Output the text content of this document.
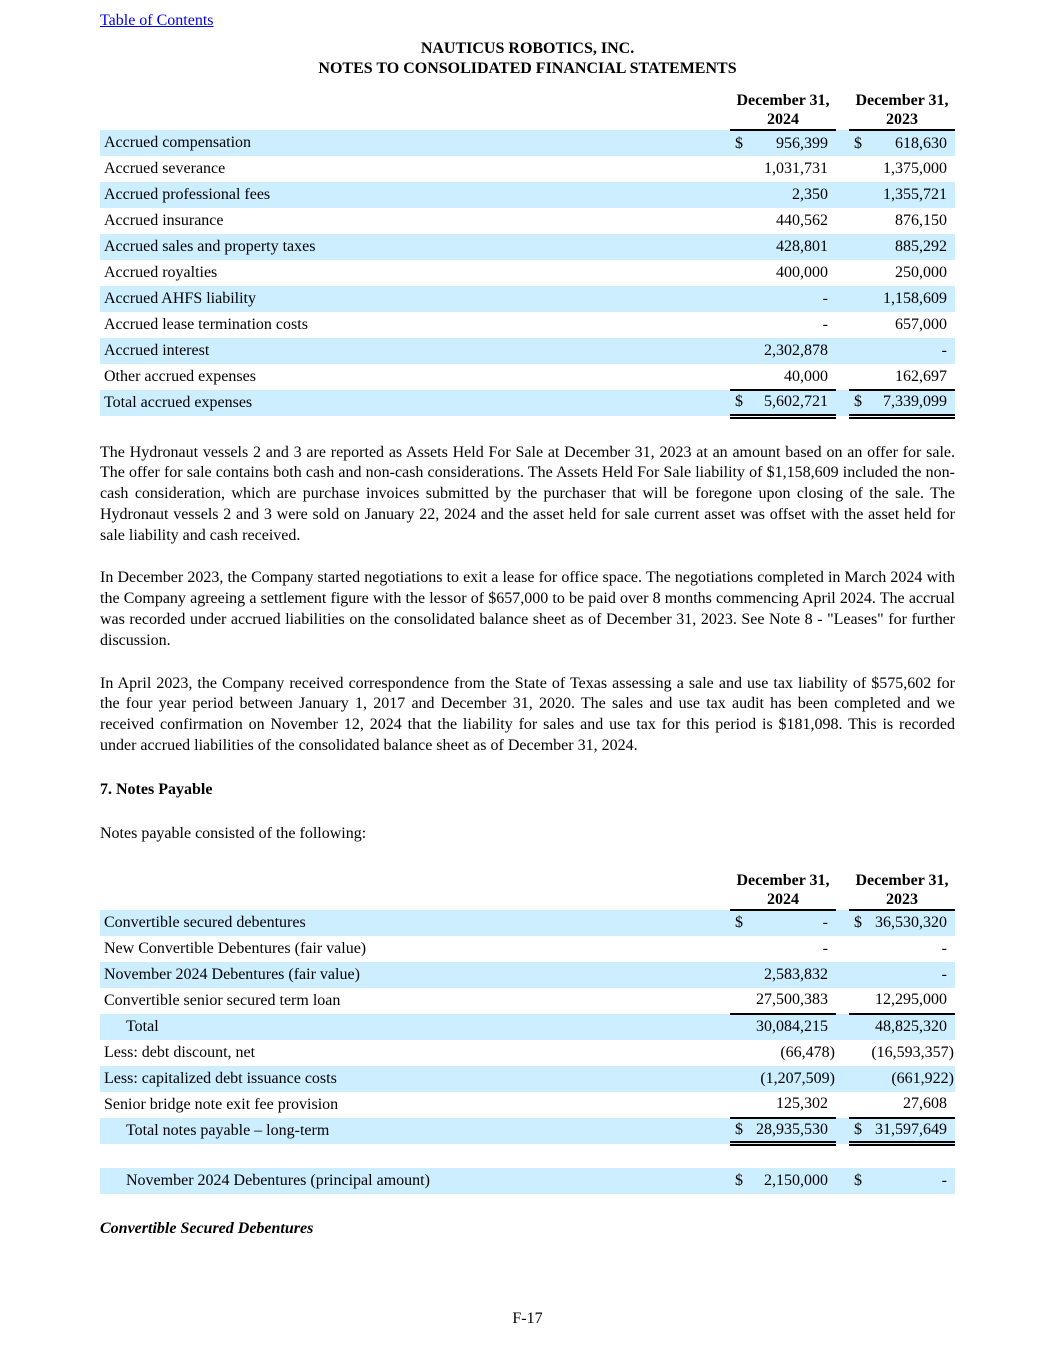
Table of Contents
NAUTICUS ROBOTICS, INC.
NOTES TO CONSOLIDATED FINANCIAL STATEMENTS

December 31,
2024

December 31,
2023

Accrued compensation	$ 956,399		$ 618,630
Accrued severance	1,031,731		1,375,000
Accrued professional fees	2,350		1,355,721
Accrued insurance	440,562		876,150
Accrued sales and property taxes	428,801		885,292
Accrued royalties	400,000		250,000
Accrued AHFS liability	-		1,158,609
Accrued lease termination costs	-		657,000
Accrued interest	2,302,878		-
Other accrued expenses	40,000		162,697
Total accrued expenses	$ 5,602,721		$ 7,339,099

The Hydronaut vessels 2 and 3 are reported as Assets Held For Sale at December 31, 2023 at an amount based on an offer for sale. The offer for sale contains both cash and non-cash considerations. The Assets Held For Sale liability of $1,158,609 included the non-cash consideration, which are purchase invoices submitted by the purchaser that will be foregone upon closing of the sale. The Hydronaut vessels 2 and 3 were sold on January 22, 2024 and the asset held for sale current asset was offset with the asset held for sale liability and cash received.

In December 2023, the Company started negotiations to exit a lease for office space. The negotiations completed in March 2024 with the Company agreeing a settlement figure with the lessor of $657,000 to be paid over 8 months commencing April 2024. The accrual was recorded under accrued liabilities on the consolidated balance sheet as of December 31, 2023. See Note 8 - "Leases" for further discussion.

In April 2023, the Company received correspondence from the State of Texas assessing a sale and use tax liability of $575,602 for the four year period between January 1, 2017 and December 31, 2020. The sales and use tax audit has been completed and we received confirmation on November 12, 2024 that the liability for sales and use tax for this period is $181,098. This is recorded under accrued liabilities of the consolidated balance sheet as of December 31, 2024.

7. Notes Payable
Notes payable consisted of the following:

December 31,
2024

December 31,
2023

Convertible secured debentures	$ -		$ 36,530,320
New Convertible Debentures (fair value)	-		-
November 2024 Debentures (fair value)	2,583,832		-
Convertible senior secured term loan	27,500,383		12,295,000
Total	30,084,215		48,825,320
Less: debt discount, net	(66,478)		(16,593,357)
Less: capitalized debt issuance costs	(1,207,509)		(661,922)
Senior bridge note exit fee provision	125,302		27,608
Total notes payable – long-term	$ 28,935,530		$ 31,597,649
November 2024 Debentures (principal amount)	$ 2,150,000		$	-
Convertible Secured Debentures
F-17
